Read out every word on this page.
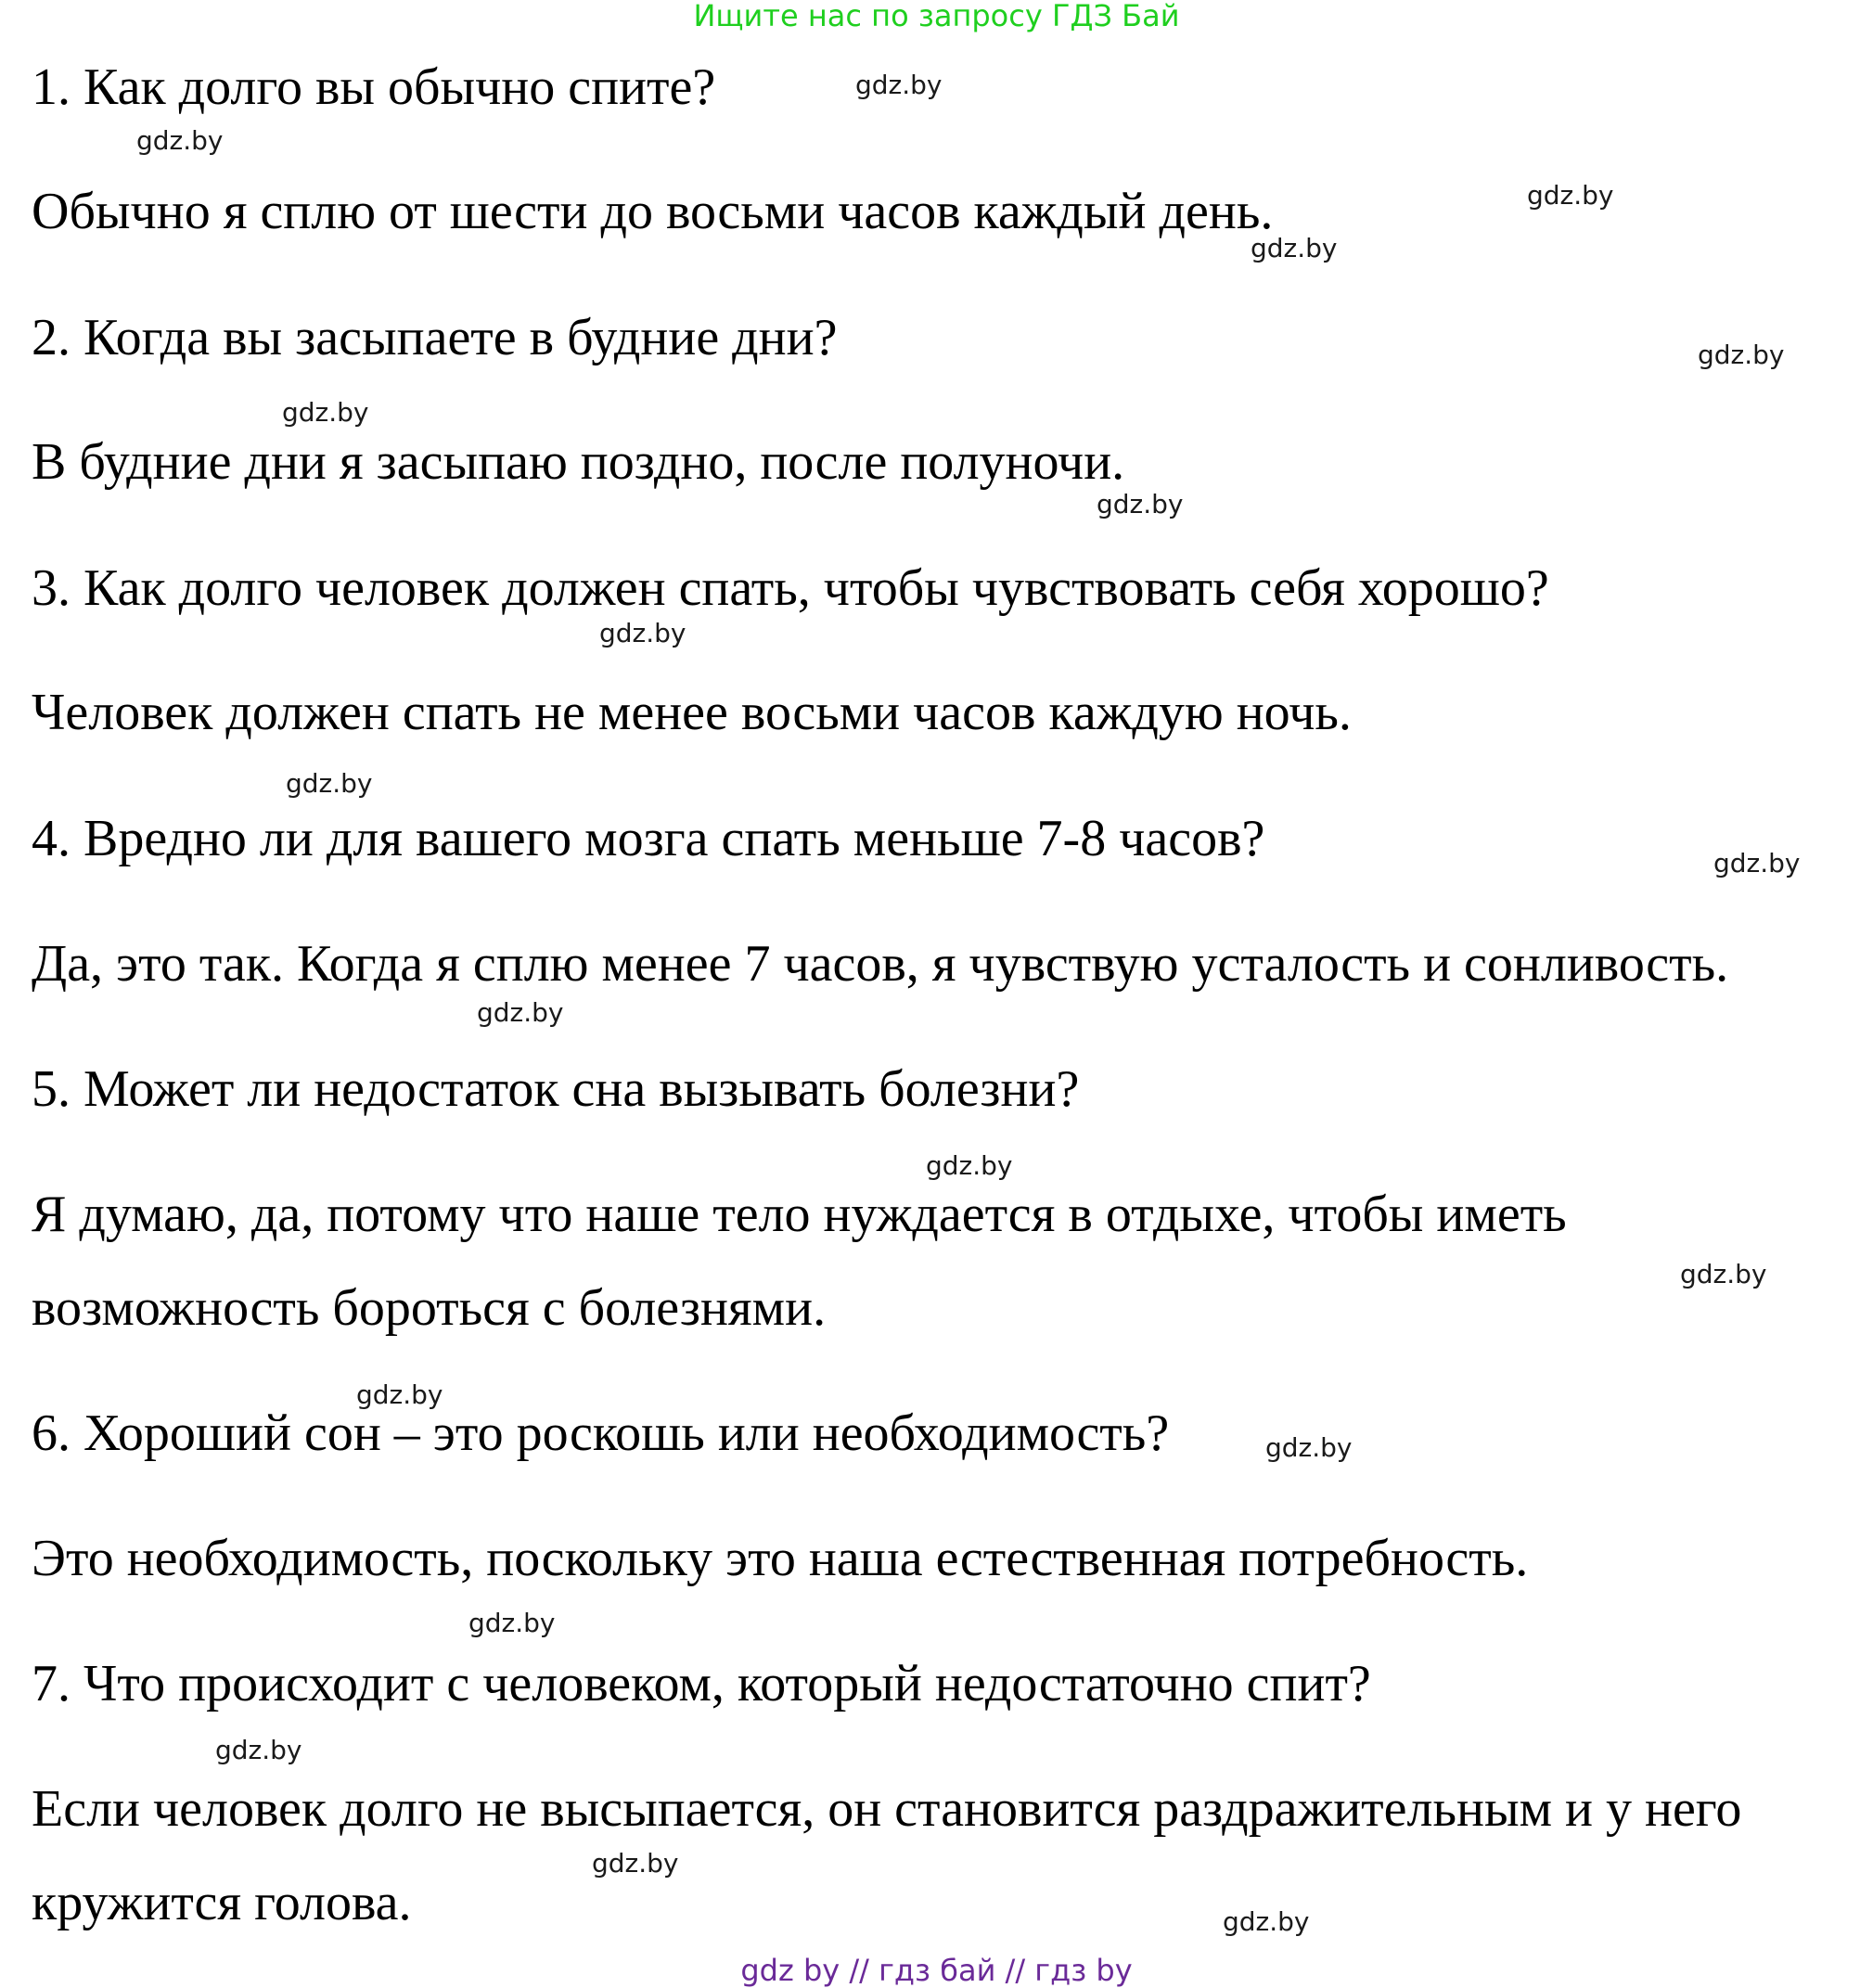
Ищите нас по запросу ГДЗ Бай
1. Как долго вы обычно спите?
Обычно я сплю от шести до восьми часов каждый день.
2. Когда вы засыпаете в будние дни?
В будние дни я засыпаю поздно, после полуночи.
3. Как долго человек должен спать, чтобы чувствовать себя хорошо?
Человек должен спать не менее восьми часов каждую ночь.
4. Вредно ли для вашего мозга спать меньше 7-8 часов?
Да, это так. Когда я сплю менее 7 часов, я чувствую усталость и сонливость.
5. Может ли недостаток сна вызывать болезни?
Я думаю, да, потому что наше тело нуждается в отдыхе, чтобы иметь
возможность бороться с болезнями.
6. Хороший сон – это роскошь или необходимость?
Это необходимость, поскольку это наша естественная потребность.
7. Что происходит с человеком, который недостаточно спит?
Если человек долго не высыпается, он становится раздражительным и у него
кружится голова.
gdz.by
gdz.by
gdz.by
gdz.by
gdz.by
gdz.by
gdz.by
gdz.by
gdz.by
gdz.by
gdz.by
gdz.by
gdz.by
gdz.by
gdz.by
gdz.by
gdz.by
gdz.by
gdz.by
gdz by // гдз бай // гдз by
